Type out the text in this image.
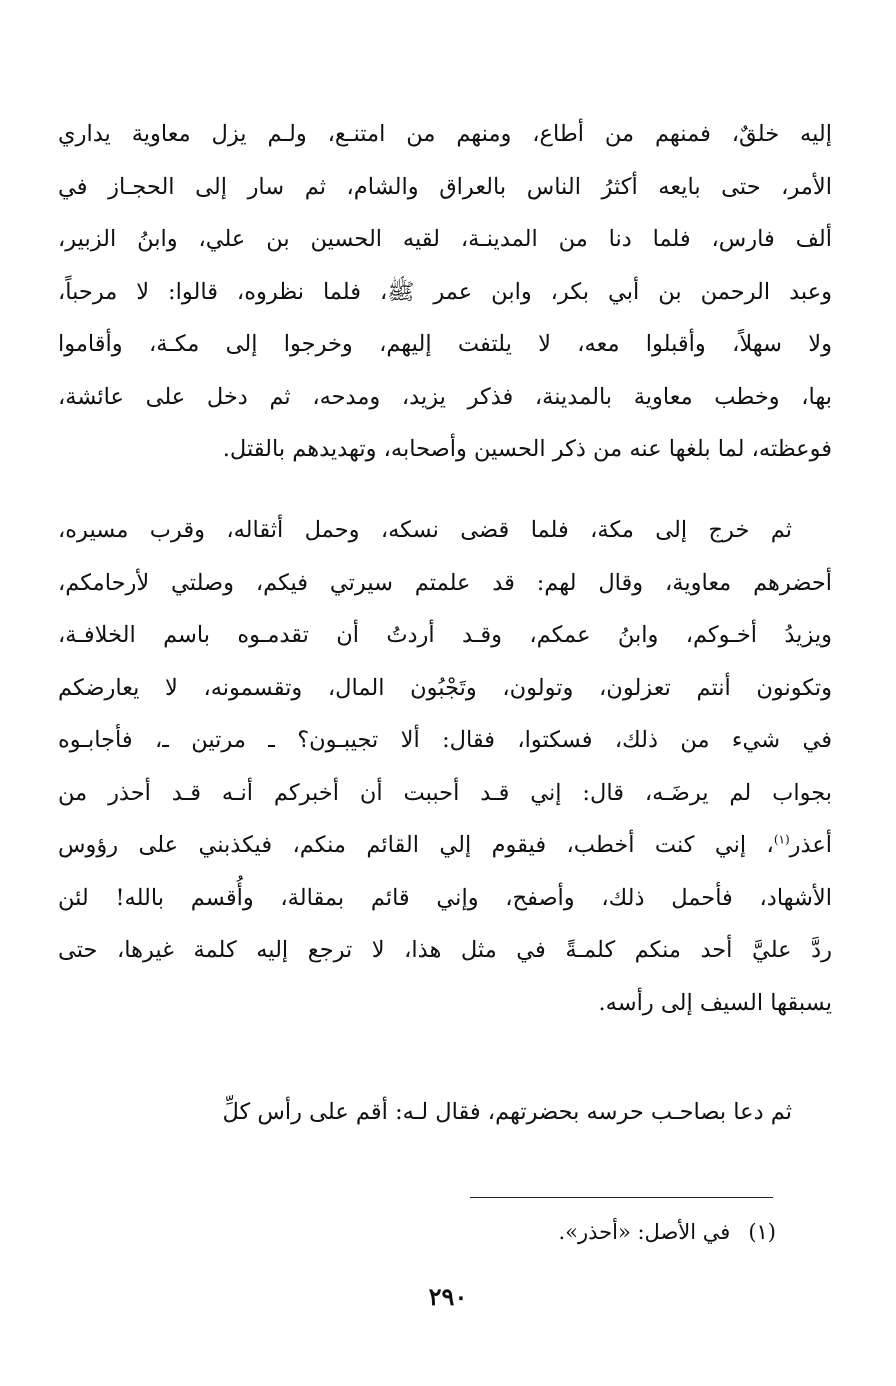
إليه خلقٌ، فمنهم من أطاع، ومنهم من امتنـع، ولـم يزل معاوية يداري
الأمر، حتى بايعه أكثرُ الناس بالعراق والشام، ثم سار إلى الحجـاز في
ألف فارس، فلما دنا من المدينـة، لقيه الحسين بن علي، وابنُ الزبير،
وعبد الرحمن بن أبي بكر، وابن عمر ﷺ، فلما نظروه، قالوا: لا مرحباً،
ولا سهلاً، وأقبلوا معه، لا يلتفت إليهم، وخرجوا إلى مكـة، وأقاموا
بها، وخطب معاوية بالمدينة، فذكر يزيد، ومدحه، ثم دخل على عائشة،
فوعظته، لما بلغها عنه من ذكر الحسين وأصحابه، وتهديدهم بالقتل.
ثم خرج إلى مكة، فلما قضى نسكه، وحمل أثقاله، وقرب مسيره،
أحضرهم معاوية، وقال لهم: قد علمتم سيرتي فيكم، وصلتي لأرحامكم،
ويزيدُ أخـوكم، وابنُ عمكم، وقـد أردتُ أن تقدمـوه باسم الخلافـة،
وتكونون أنتم تعزلون، وتولون، وتَجْبُون المال، وتقسمونه، لا يعارضكم
في شيء من ذلك، فسكتوا، فقال: ألا تجيبـون؟ ـ مرتين ـ، فأجابـوه
بجواب لم يرضَـه، قال: إني قـد أحببت أن أخبركم أنـه قـد أحذر من
أعذر$^{(١)}$، إني كنت أخطب، فيقوم إلي القائم منكم، فيكذبني على رؤوس
الأشهاد، فأحمل ذلك، وأصفح، وإني قائم بمقالة، وأُقسم بالله! لئن
ردَّ عليَّ أحد منكم كلمـةً في مثل هذا، لا ترجع إليه كلمة غيرها، حتى
يسبقها السيف إلى رأسه.
ثم دعا بصاحـب حرسه بحضرتهم، فقال لـه: أقم على رأس كلِّ
(١)في الأصل: «أحذر».
٢٩٠
